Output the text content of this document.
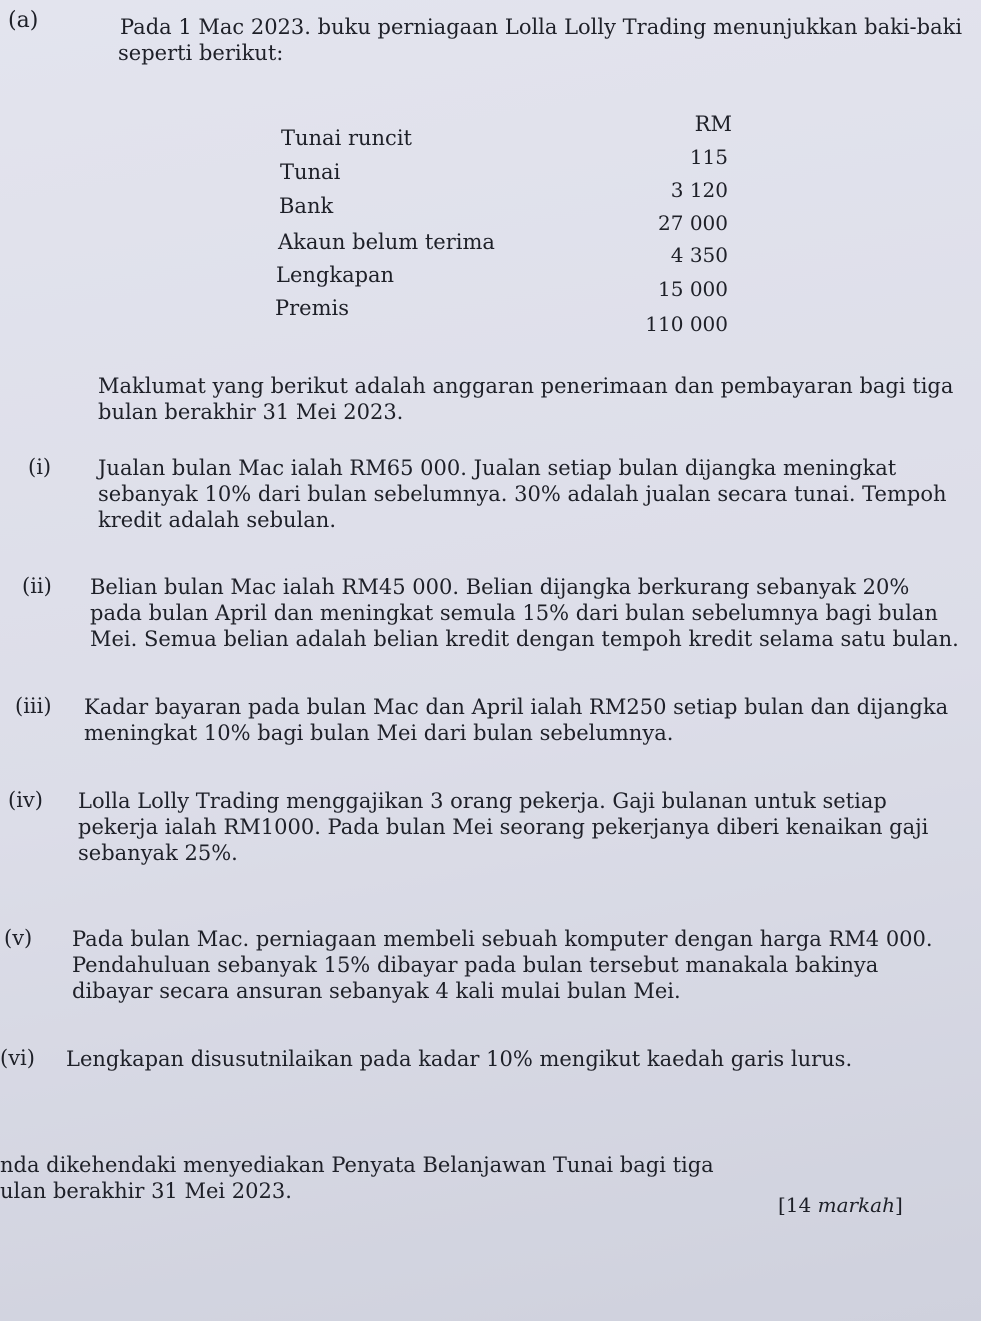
(a)	Pada 1 Mac 2023. buku perniagaan Lolla Lolly Trading menunjukkan baki-baki
seperti berikut:
RM
Tunai runcit
115
Tunai
3 120
Bank
27 000
Akaun belum terima
4 350
Lengkapan
15 000
Premis
110 000
Maklumat yang berikut adalah anggaran penerimaan dan pembayaran bagi tiga
bulan berakhir 31 Mei 2023.
(i) Jualan bulan Mac ialah RM65 000. Jualan setiap bulan dijangka meningkat
sebanyak 10% dari bulan sebelumnya. 30% adalah jualan secara tunai. Tempoh
kredit adalah sebulan.
(ii) Belian bulan Mac ialah RM45 000. Belian dijangka berkurang sebanyak 20%
pada bulan April dan meningkat semula 15% dari bulan sebelumnya bagi bulan
Mei. Semua belian adalah belian kredit dengan tempoh kredit selama satu bulan.
(iii) Kadar bayaran pada bulan Mac dan April ialah RM250 setiap bulan dan dijangka
meningkat 10% bagi bulan Mei dari bulan sebelumnya.
(iv) Lolla Lolly Trading menggajikan 3 orang pekerja. Gaji bulanan untuk setiap
pekerja ialah RM1000. Pada bulan Mei seorang pekerjanya diberi kenaikan gaji
sebanyak 25%.
(v) Pada bulan Mac. perniagaan membeli sebuah komputer dengan harga RM4 000.
Pendahuluan sebanyak 15% dibayar pada bulan tersebut manakala bakinya
dibayar secara ansuran sebanyak 4 kali mulai bulan Mei.
(vi) Lengkapan disusutnilaikan pada kadar 10% mengikut kaedah garis lurus.
nda dikehendaki menyediakan Penyata Belanjawan Tunai bagi tiga
ulan berakhir 31 Mei 2023.
[14 markah]
